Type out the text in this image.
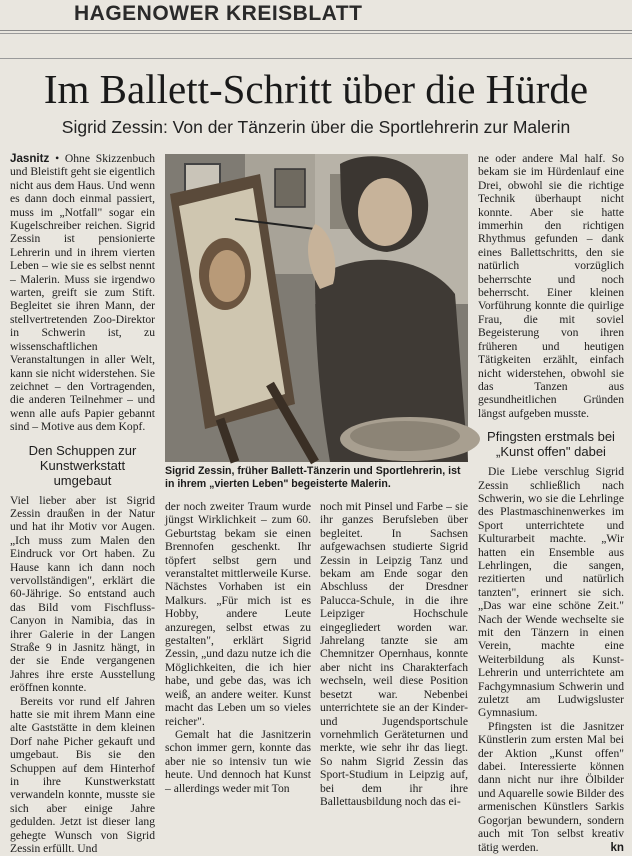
HAGENOWER KREISBLATT
Im Ballett-Schritt über die Hürde
Sigrid Zessin: Von der Tänzerin über die Sportlehrerin zur Malerin

Jasnitz • Ohne Skizzenbuch und Bleistift geht sie eigentlich nicht aus dem Haus. Und wenn es dann doch einmal passiert, muss im „Notfall" sogar ein Kugelschreiber reichen. Sigrid Zessin ist pensionierte Lehrerin und in ihrem vierten Leben – wie sie es selbst nennt – Malerin. Muss sie irgendwo warten, greift sie zum Stift. Begleitet sie ihren Mann, der stellvertretenden Zoo-Direktor in Schwerin ist, zu wissenschaftlichen Veranstaltungen in aller Welt, kann sie nicht widerstehen. Sie zeichnet – den Vortragenden, die anderen Teilnehmer – und wenn alle aufs Papier gebannt sind – Motive aus dem Kopf.

Den Schuppen zur Kunstwerkstatt umgebaut

Viel lieber aber ist Sigrid Zessin draußen in der Natur und hat ihr Motiv vor Augen. „Ich muss zum Malen den Eindruck vor Ort haben. Zu Hause kann ich dann noch vervollständigen", erklärt die 60-Jährige. So entstand auch das Bild vom Fischfluss-Canyon in Namibia, das in ihrer Galerie in der Langen Straße 9 in Jasnitz hängt, in der sie Ende vergangenen Jahres ihre erste Ausstellung eröffnen konnte.

Bereits vor rund elf Jahren hatte sie mit ihrem Mann eine alte Gaststätte in dem kleinen Dorf nahe Picher gekauft und umgebaut. Bis sie den Schuppen auf dem Hinterhof in ihre Kunstwerkstatt verwandeln konnte, musste sie sich aber einige Jahre gedulden. Jetzt ist dieser lang gehegte Wunsch von Sigrid Zessin erfüllt. Und

Sigrid Zessin, früher Ballett-Tänzerin und Sportlehrerin, ist in ihrem „vierten Leben" begeisterte Malerin.

der noch zweiter Traum wurde jüngst Wirklichkeit – zum 60. Geburtstag bekam sie einen Brennofen geschenkt. Ihr töpfert selbst gern und veranstaltet mittlerweile Kurse. Nächstes Vorhaben ist ein Malkurs. „Für mich ist es Hobby, andere Leute anzuregen, selbst etwas zu gestalten", erklärt Sigrid Zessin, „und dazu nutze ich die Möglichkeiten, die ich hier habe, und gebe das, was ich weiß, an andere weiter. Kunst macht das Leben um so vieles reicher".

Gemalt hat die Jasnitzerin schon immer gern, konnte das aber nie so intensiv tun wie heute. Und dennoch hat Kunst – allerdings weder mit Ton

noch mit Pinsel und Farbe – sie ihr ganzes Berufsleben über begleitet. In Sachsen aufgewachsen studierte Sigrid Zessin in Leipzig Tanz und bekam am Ende sogar den Abschluss der Dresdner Palucca-Schule, in die ihre Leipziger Hochschule eingegliedert worden war. Jahrelang tanzte sie am Chemnitzer Opernhaus, konnte aber nicht ins Charakterfach wechseln, weil diese Position besetzt war. Nebenbei unterrichtete sie an der Kinder- und Jugendsportschule vornehmlich Geräteturnen und merkte, wie sehr ihr das liegt. So nahm Sigrid Zessin das Sport-Studium in Leipzig auf, bei dem ihr ihre Ballettausbildung noch das ei-

ne oder andere Mal half. So bekam sie im Hürdenlauf eine Drei, obwohl sie die richtige Technik überhaupt nicht konnte. Aber sie hatte immerhin den richtigen Rhythmus gefunden – dank eines Ballettschritts, den sie natürlich vorzüglich beherrschte und noch beherrscht. Einer kleinen Vorführung konnte die quirlige Frau, die mit soviel Begeisterung von ihren früheren und heutigen Tätigkeiten erzählt, einfach nicht widerstehen, obwohl sie das Tanzen aus gesundheitlichen Gründen längst aufgeben musste.

Pfingsten erstmals bei „Kunst offen" dabei

Die Liebe verschlug Sigrid Zessin schließlich nach Schwerin, wo sie die Lehrlinge des Plastmaschinenwerkes im Sport unterrichtete und Kulturarbeit machte. „Wir hatten ein Ensemble aus Lehrlingen, die sangen, rezitierten und natürlich tanzten", erinnert sie sich. „Das war eine schöne Zeit." Nach der Wende wechselte sie mit den Tänzern in einen Verein, machte eine Weiterbildung als Kunst-Lehrerin und unterrichtete am Fachgymnasium Schwerin und zuletzt am Ludwigsluster Gymnasium.

Pfingsten ist die Jasnitzer Künstlerin zum ersten Mal bei der Aktion „Kunst offen" dabei. Interessierte können dann nicht nur ihre Ölbilder und Aquarelle sowie Bilder des armenischen Künstlers Sarkis Gogorjan bewundern, sondern auch mit Ton selbst kreativ tätig werden.	kn
